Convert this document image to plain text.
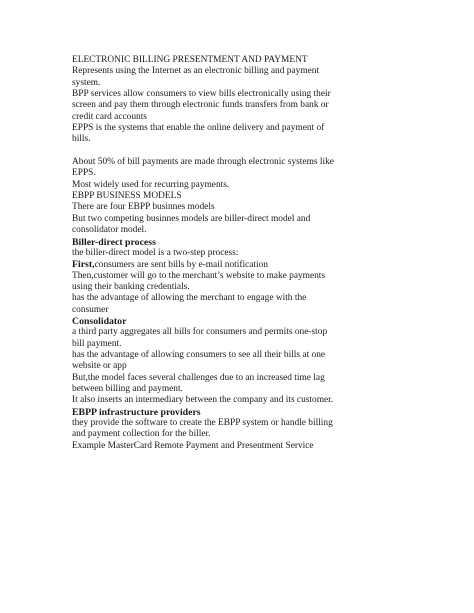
ELECTRONIC BILLING PRESENTMENT AND PAYMENT
Represents using the Internet as an electronic billing and payment
system.
BPP services allow consumers to view bills electronically using their
screen and pay them through electronic funds transfers from bank or
credit card accounts
EPPS is the systems that enable the online delivery and payment of
bills.
About 50% of bill payments are made through electronic systems like
EPPS.
Most widely used for recurring payments.
EBPP BUSINESS MODELS
There are four EBPP businnes models
But two competing businnes models are biller-direct model and
consolidator model.
Biller-direct process
the biller-direct model is a two-step process:
First,consumers are sent bills by e-mail notification
Then,customer will go to the merchant’s website to make payments
using their banking credentials.
has the advantage of allowing the merchant to engage with the
consumer
Consolidator
a third party aggregates all bills for consumers and permits one-stop
bill payment.
has the advantage of allowing consumers to see all their bills at one
website or app
But,the model faces several challenges due to an increased time lag
between billing and payment.
It also inserts an intermediary between the company and its customer.
EBPP infrastructure providers
they provide the software to create the EBPP system or handle billing
and payment collection for the biller.
Example MasterCard Remote Payment and Presentment Service
